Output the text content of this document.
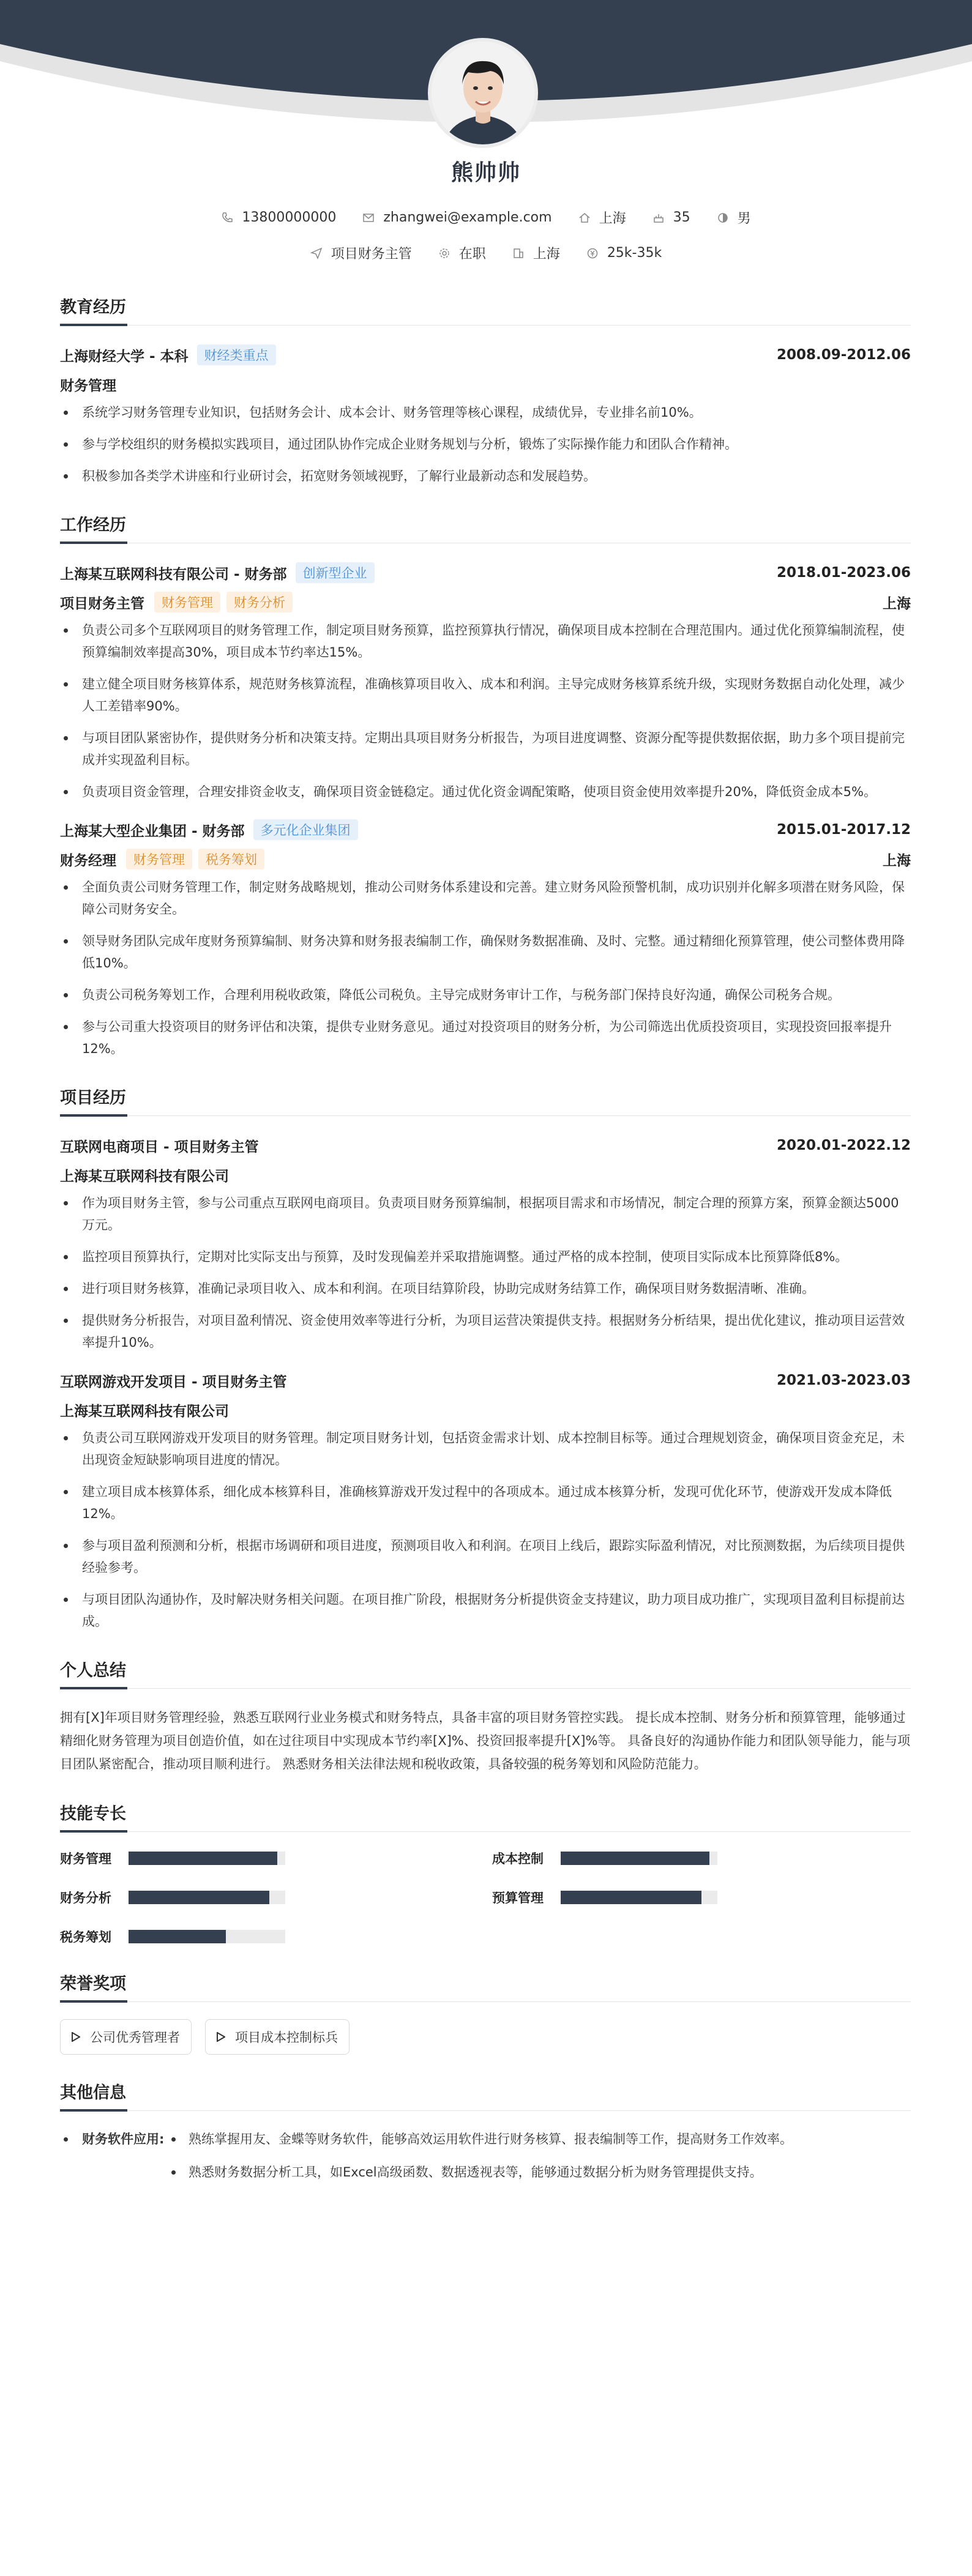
熊帅帅
13800000000
	zhangwei@example.com
	上海
	35
	男
项目财务主管
	在职
	上海
	25k-35k
教育经历
上海财经大学 - 本科	财经类重点	2008.09-2012.06
财务管理
系统学习财务管理专业知识，包括财务会计、成本会计、财务管理等核心课程，成绩优异，专业排名前10%。
参与学校组织的财务模拟实践项目，通过团队协作完成企业财务规划与分析，锻炼了实际操作能力和团队合作精神。
积极参加各类学术讲座和行业研讨会，拓宽财务领域视野，了解行业最新动态和发展趋势。
工作经历
上海某互联网科技有限公司 - 财务部	创新型企业	2018.01-2023.06
项目财务主管	财务管理	财务分析	上海
负责公司多个互联网项目的财务管理工作，制定项目财务预算，监控预算执行情况，确保项目成本控制在合理范围内。通过优化预算编制流程，使预算编制效率提高30%，项目成本节约率达15%。
建立健全项目财务核算体系，规范财务核算流程，准确核算项目收入、成本和利润。主导完成财务核算系统升级，实现财务数据自动化处理，减少人工差错率90%。
与项目团队紧密协作，提供财务分析和决策支持。定期出具项目财务分析报告，为项目进度调整、资源分配等提供数据依据，助力多个项目提前完成并实现盈利目标。
负责项目资金管理，合理安排资金收支，确保项目资金链稳定。通过优化资金调配策略，使项目资金使用效率提升20%，降低资金成本5%。
上海某大型企业集团 - 财务部	多元化企业集团	2015.01-2017.12
财务经理	财务管理	税务筹划	上海
全面负责公司财务管理工作，制定财务战略规划，推动公司财务体系建设和完善。建立财务风险预警机制，成功识别并化解多项潜在财务风险，保障公司财务安全。
领导财务团队完成年度财务预算编制、财务决算和财务报表编制工作，确保财务数据准确、及时、完整。通过精细化预算管理，使公司整体费用降低10%。
负责公司税务筹划工作，合理利用税收政策，降低公司税负。主导完成财务审计工作，与税务部门保持良好沟通，确保公司税务合规。
参与公司重大投资项目的财务评估和决策，提供专业财务意见。通过对投资项目的财务分析，为公司筛选出优质投资项目，实现投资回报率提升12%。
项目经历
互联网电商项目 - 项目财务主管	2020.01-2022.12
上海某互联网科技有限公司
作为项目财务主管，参与公司重点互联网电商项目。负责项目财务预算编制，根据项目需求和市场情况，制定合理的预算方案，预算金额达5000万元。
监控项目预算执行，定期对比实际支出与预算，及时发现偏差并采取措施调整。通过严格的成本控制，使项目实际成本比预算降低8%。
进行项目财务核算，准确记录项目收入、成本和利润。在项目结算阶段，协助完成财务结算工作，确保项目财务数据清晰、准确。
提供财务分析报告，对项目盈利情况、资金使用效率等进行分析，为项目运营决策提供支持。根据财务分析结果，提出优化建议，推动项目运营效率提升10%。
互联网游戏开发项目 - 项目财务主管	2021.03-2023.03
上海某互联网科技有限公司
负责公司互联网游戏开发项目的财务管理。制定项目财务计划，包括资金需求计划、成本控制目标等。通过合理规划资金，确保项目资金充足，未出现资金短缺影响项目进度的情况。
建立项目成本核算体系，细化成本核算科目，准确核算游戏开发过程中的各项成本。通过成本核算分析，发现可优化环节，使游戏开发成本降低12%。
参与项目盈利预测和分析，根据市场调研和项目进度，预测项目收入和利润。在项目上线后，跟踪实际盈利情况，对比预测数据，为后续项目提供经验参考。
与项目团队沟通协作，及时解决财务相关问题。在项目推广阶段，根据财务分析提供资金支持建议，助力项目成功推广，实现项目盈利目标提前达成。
个人总结
拥有[X]年项目财务管理经验，熟悉互联网行业业务模式和财务特点，具备丰富的项目财务管控实践。 提长成本控制、财务分析和预算管理，能够通过精细化财务管理为项目创造价值，如在过往项目中实现成本节约率[X]%、投资回报率提升[X]%等。 具备良好的沟通协作能力和团队领导能力，能与项目团队紧密配合，推动项目顺利进行。 熟悉财务相关法律法规和税收政策，具备较强的税务筹划和风险防范能力。
技能专长
财务管理	成本控制
财务分析	预算管理
税务筹划
荣誉奖项
公司优秀管理者	项目成本控制标兵
其他信息
财务软件应用:	熟练掌握用友、金蝶等财务软件，能够高效运用软件进行财务核算、报表编制等工作，提高财务工作效率。
熟悉财务数据分析工具，如Excel高级函数、数据透视表等，能够通过数据分析为财务管理提供支持。
